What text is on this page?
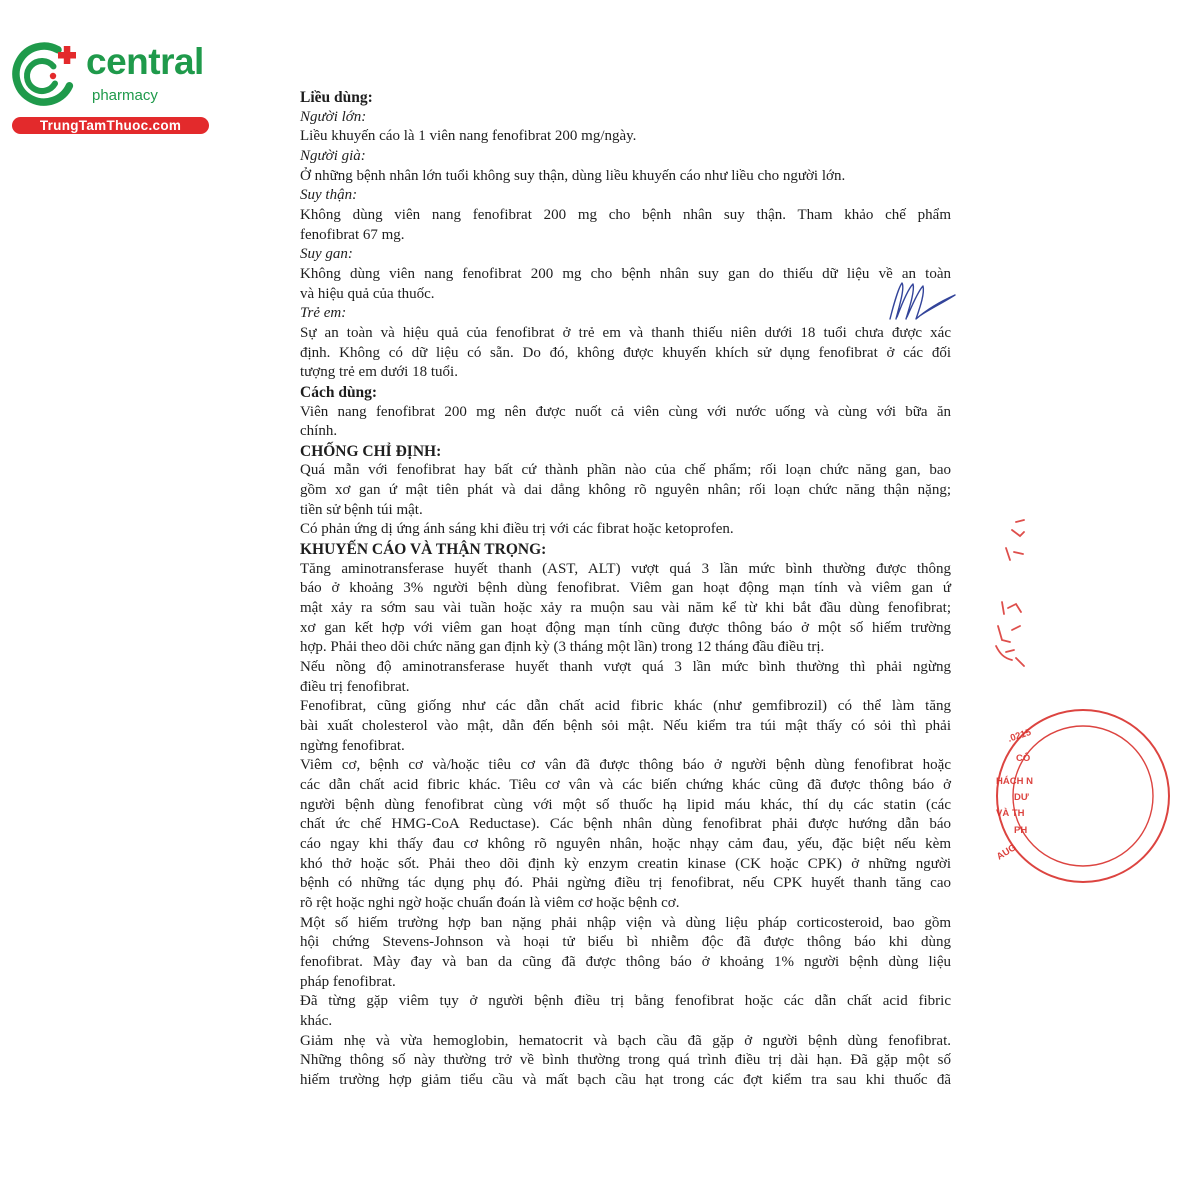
central
pharmacy
TrungTamThuoc.com
Liều dùng:
Người lớn:
Liều khuyến cáo là 1 viên nang fenofibrat 200 mg/ngày.
Người già:
Ở những bệnh nhân lớn tuổi không suy thận, dùng liều khuyến cáo như liều cho người lớn.
Suy thận:
Không dùng viên nang fenofibrat 200 mg cho bệnh nhân suy thận. Tham khảo chế phẩm
fenofibrat 67 mg.
Suy gan:
Không dùng viên nang fenofibrat 200 mg cho bệnh nhân suy gan do thiếu dữ liệu về an toàn
và hiệu quả của thuốc.
Trẻ em:
Sự an toàn và hiệu quả của fenofibrat ở trẻ em và thanh thiếu niên dưới 18 tuổi chưa được xác
định. Không có dữ liệu có sẵn. Do đó, không được khuyến khích sử dụng fenofibrat ở các đối
tượng trẻ em dưới 18 tuổi.
Cách dùng:
Viên nang fenofibrat 200 mg nên được nuốt cả viên cùng với nước uống và cùng với bữa ăn
chính.
CHỐNG CHỈ ĐỊNH:
Quá mẫn với fenofibrat hay bất cứ thành phần nào của chế phẩm; rối loạn chức năng gan, bao
gồm xơ gan ứ mật tiên phát và dai dẳng không rõ nguyên nhân; rối loạn chức năng thận nặng;
tiền sử bệnh túi mật.
Có phản ứng dị ứng ánh sáng khi điều trị với các fibrat hoặc ketoprofen.
KHUYẾN CÁO VÀ THẬN TRỌNG:
Tăng aminotransferase huyết thanh (AST, ALT) vượt quá 3 lần mức bình thường được thông
báo ở khoảng 3% người bệnh dùng fenofibrat. Viêm gan hoạt động mạn tính và viêm gan ứ
mật xảy ra sớm sau vài tuần hoặc xảy ra muộn sau vài năm kể từ khi bắt đầu dùng fenofibrat;
xơ gan kết hợp với viêm gan hoạt động mạn tính cũng được thông báo ở một số hiếm trường
hợp. Phải theo dõi chức năng gan định kỳ (3 tháng một lần) trong 12 tháng đầu điều trị.
Nếu nồng độ aminotransferase huyết thanh vượt quá 3 lần mức bình thường thì phải ngừng
điều trị fenofibrat.
Fenofibrat, cũng giống như các dẫn chất acid fibric khác (như gemfibrozil) có thể làm tăng
bài xuất cholesterol vào mật, dẫn đến bệnh sỏi mật. Nếu kiểm tra túi mật thấy có sỏi thì phải
ngừng fenofibrat.
Viêm cơ, bệnh cơ và/hoặc tiêu cơ vân đã được thông báo ở người bệnh dùng fenofibrat hoặc
các dẫn chất acid fibric khác. Tiêu cơ vân và các biến chứng khác cũng đã được thông báo ở
người bệnh dùng fenofibrat cùng với một số thuốc hạ lipid máu khác, thí dụ các statin (các
chất ức chế HMG-CoA Reductase). Các bệnh nhân dùng fenofibrat phải được hướng dẫn báo
cáo ngay khi thấy đau cơ không rõ nguyên nhân, hoặc nhạy cảm đau, yếu, đặc biệt nếu kèm
khó thở hoặc sốt. Phải theo dõi định kỳ enzym creatin kinase (CK hoặc CPK) ở những người
bệnh có những tác dụng phụ đó. Phải ngừng điều trị fenofibrat, nếu CPK huyết thanh tăng cao
rõ rệt hoặc nghi ngờ hoặc chuẩn đoán là viêm cơ hoặc bệnh cơ.
Một số hiếm trường hợp ban nặng phải nhập viện và dùng liệu pháp corticosteroid, bao gồm
hội chứng Stevens-Johnson và hoại tử biểu bì nhiễm độc đã được thông báo khi dùng
fenofibrat. Mày đay và ban da cũng đã được thông báo ở khoảng 1% người bệnh dùng liệu
pháp fenofibrat.
Đã từng gặp viêm tụy ở người bệnh điều trị bằng fenofibrat hoặc các dẫn chất acid fibric
khác.
Giảm nhẹ và vừa hemoglobin, hematocrit và bạch cầu đã gặp ở người bệnh dùng fenofibrat.
Những thông số này thường trở về bình thường trong quá trình điều trị dài hạn. Đã gặp một số
hiếm trường hợp giảm tiểu cầu và mất bạch cầu hạt trong các đợt kiểm tra sau khi thuốc đã
.0215
CÔ
HÁCH N
DƯ
VÀ TH
PH
AUG
